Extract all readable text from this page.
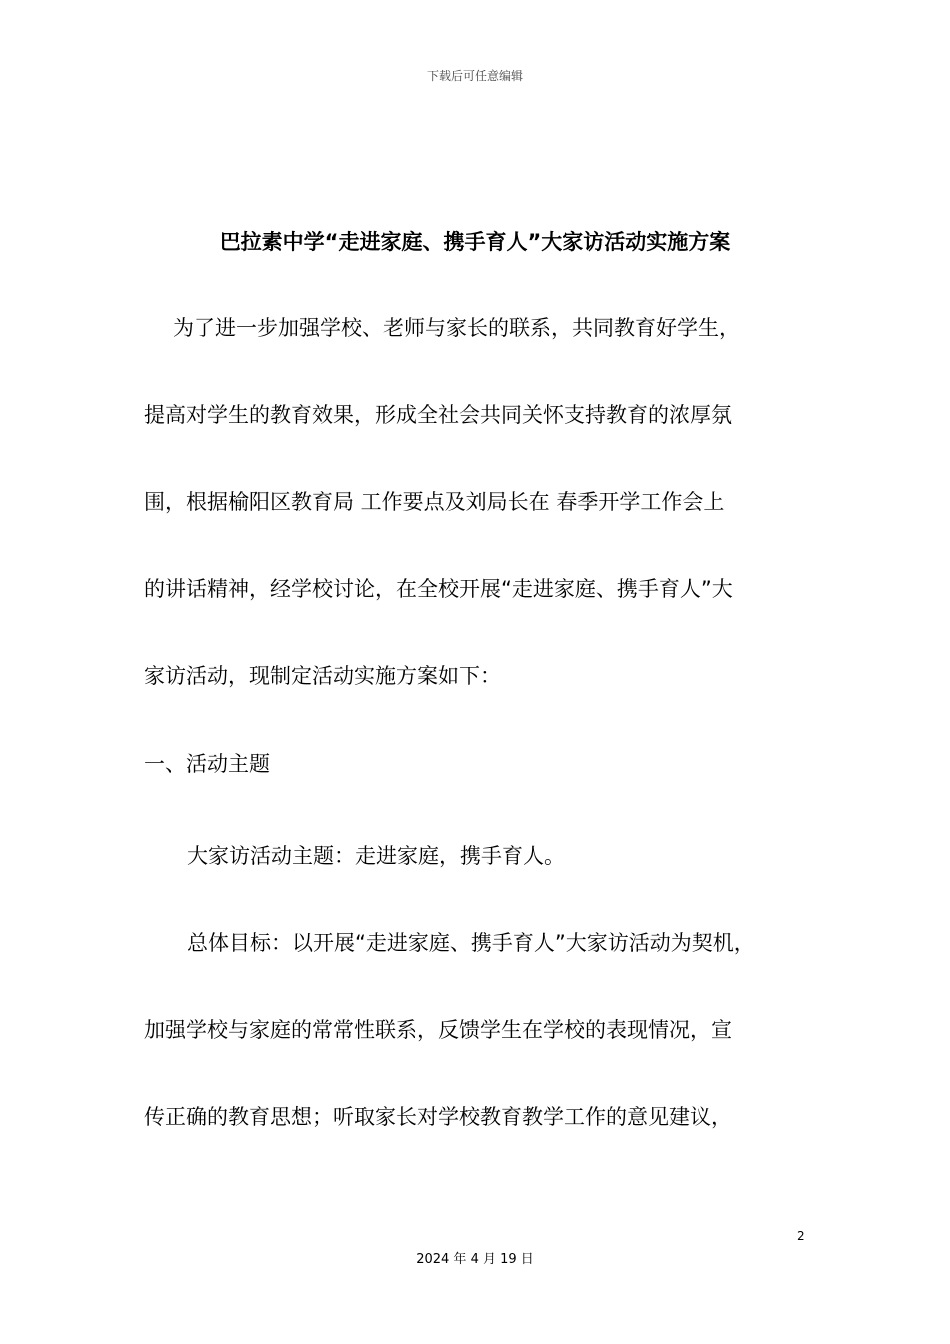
下载后可任意编辑
巴拉素中学“走进家庭、携手育人”大家访活动实施方案
为了进一步加强学校、老师与家长的联系，共同教育好学生，
提高对学生的教育效果，形成全社会共同关怀支持教育的浓厚氛
围，根据榆阳区教育局 工作要点及刘局长在 春季开学工作会上
的讲话精神，经学校讨论，在全校开展“走进家庭、携手育人”大
家访活动，现制定活动实施方案如下：
一、活动主题
大家访活动主题：走进家庭，携手育人。
总体目标：以开展“走进家庭、携手育人”大家访活动为契机，
加强学校与家庭的常常性联系，反馈学生在学校的表现情况，宣
传正确的教育思想；听取家长对学校教育教学工作的意见建议，
2
2024 年 4 月 19 日
